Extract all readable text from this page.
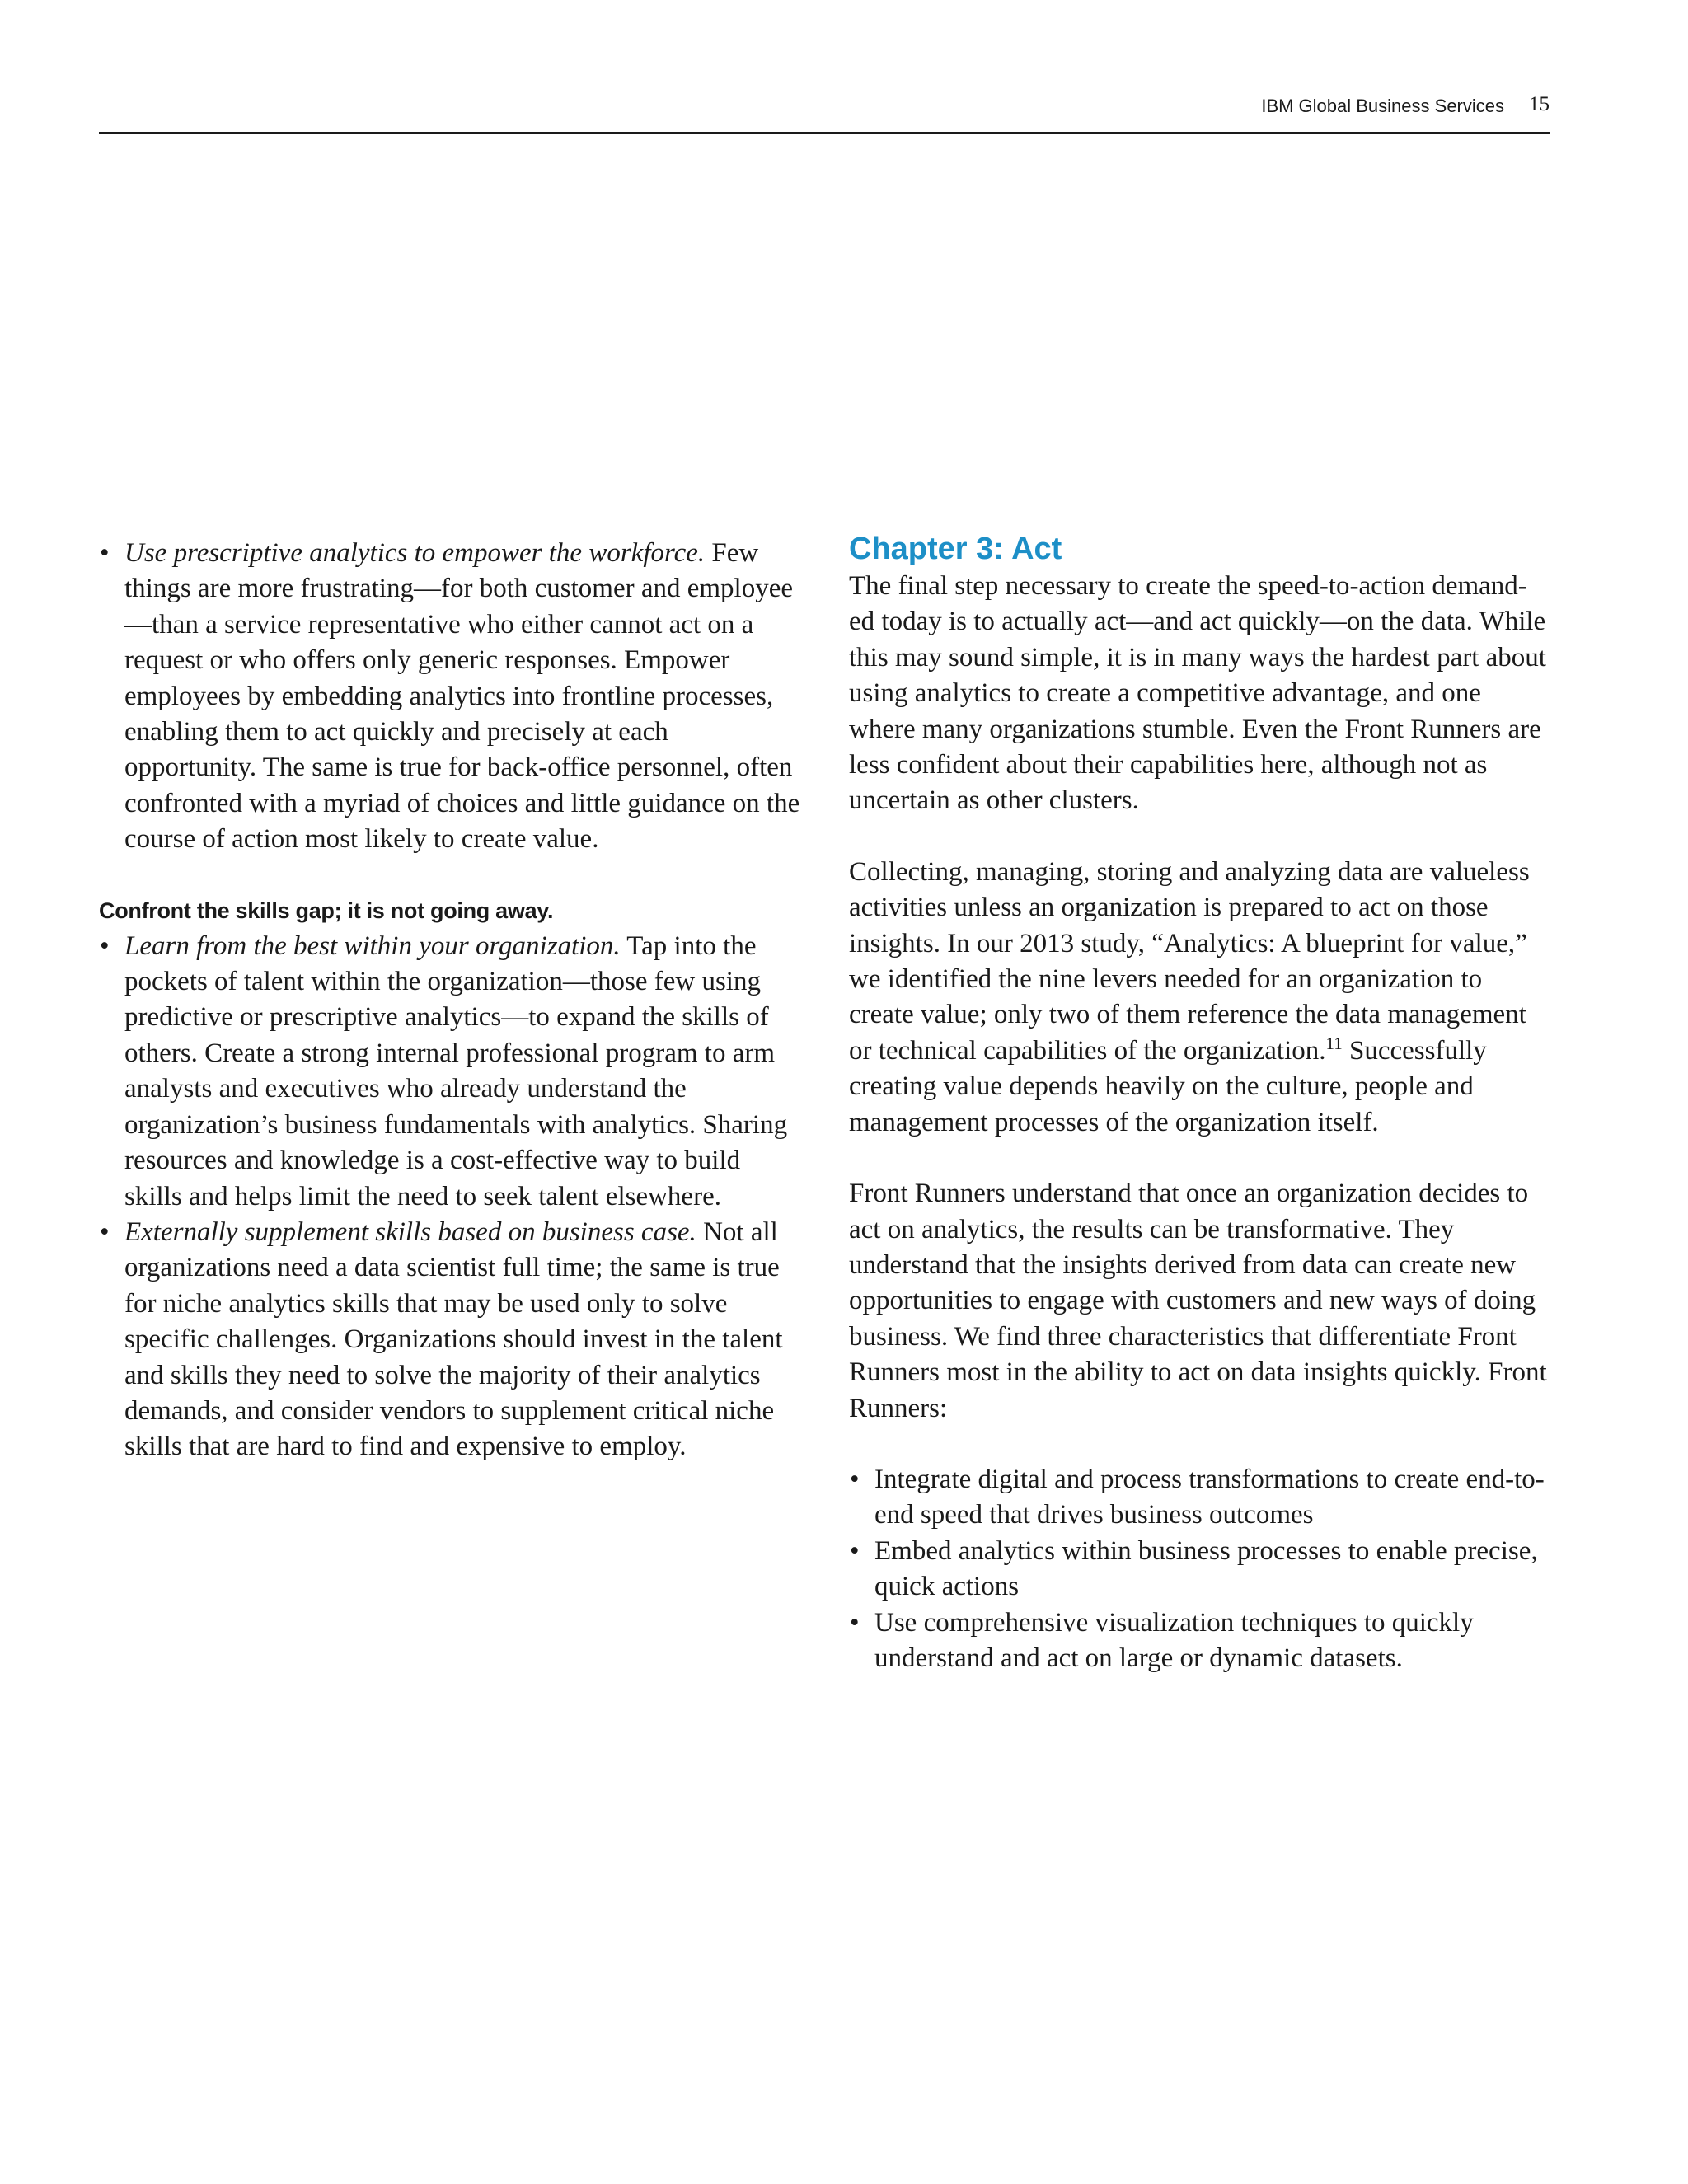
IBM Global Business Services 15
• Use prescriptive analytics to empower the workforce. Few things are more frustrating—for both customer and employee —than a service representative who either cannot act on a request or who offers only generic responses. Empower employees by embedding analytics into frontline processes, enabling them to act quickly and precisely at each opportunity. The same is true for back-office personnel, often confronted with a myriad of choices and little guidance on the course of action most likely to create value.
Confront the skills gap; it is not going away.
• Learn from the best within your organization. Tap into the pockets of talent within the organization—those few using predictive or prescriptive analytics—to expand the skills of others. Create a strong internal professional program to arm analysts and executives who already understand the organization’s business fundamentals with analytics. Sharing resources and knowledge is a cost-effective way to build skills and helps limit the need to seek talent elsewhere.
• Externally supplement skills based on business case. Not all organizations need a data scientist full time; the same is true for niche analytics skills that may be used only to solve specific challenges. Organizations should invest in the talent and skills they need to solve the majority of their analytics demands, and consider vendors to supplement critical niche skills that are hard to find and expensive to employ.
Chapter 3: Act

The final step necessary to create the speed-to-action demand-ed today is to actually act—and act quickly—on the data. While this may sound simple, it is in many ways the hardest part about using analytics to create a competitive advantage, and one where many organizations stumble. Even the Front Runners are less confident about their capabilities here, although not as uncertain as other clusters.

Collecting, managing, storing and analyzing data are valueless activities unless an organization is prepared to act on those insights. In our 2013 study, “Analytics: A blueprint for value,” we identified the nine levers needed for an organization to create value; only two of them reference the data management or technical capabilities of the organization.$^{11}$ Successfully creating value depends heavily on the culture, people and management processes of the organization itself.

Front Runners understand that once an organization decides to act on analytics, the results can be transformative. They understand that the insights derived from data can create new opportunities to engage with customers and new ways of doing business. We find three characteristics that differentiate Front Runners most in the ability to act on data insights quickly. Front Runners:

• Integrate digital and process transformations to create end-to-end speed that drives business outcomes
• Embed analytics within business processes to enable precise, quick actions
• Use comprehensive visualization techniques to quickly understand and act on large or dynamic datasets.
